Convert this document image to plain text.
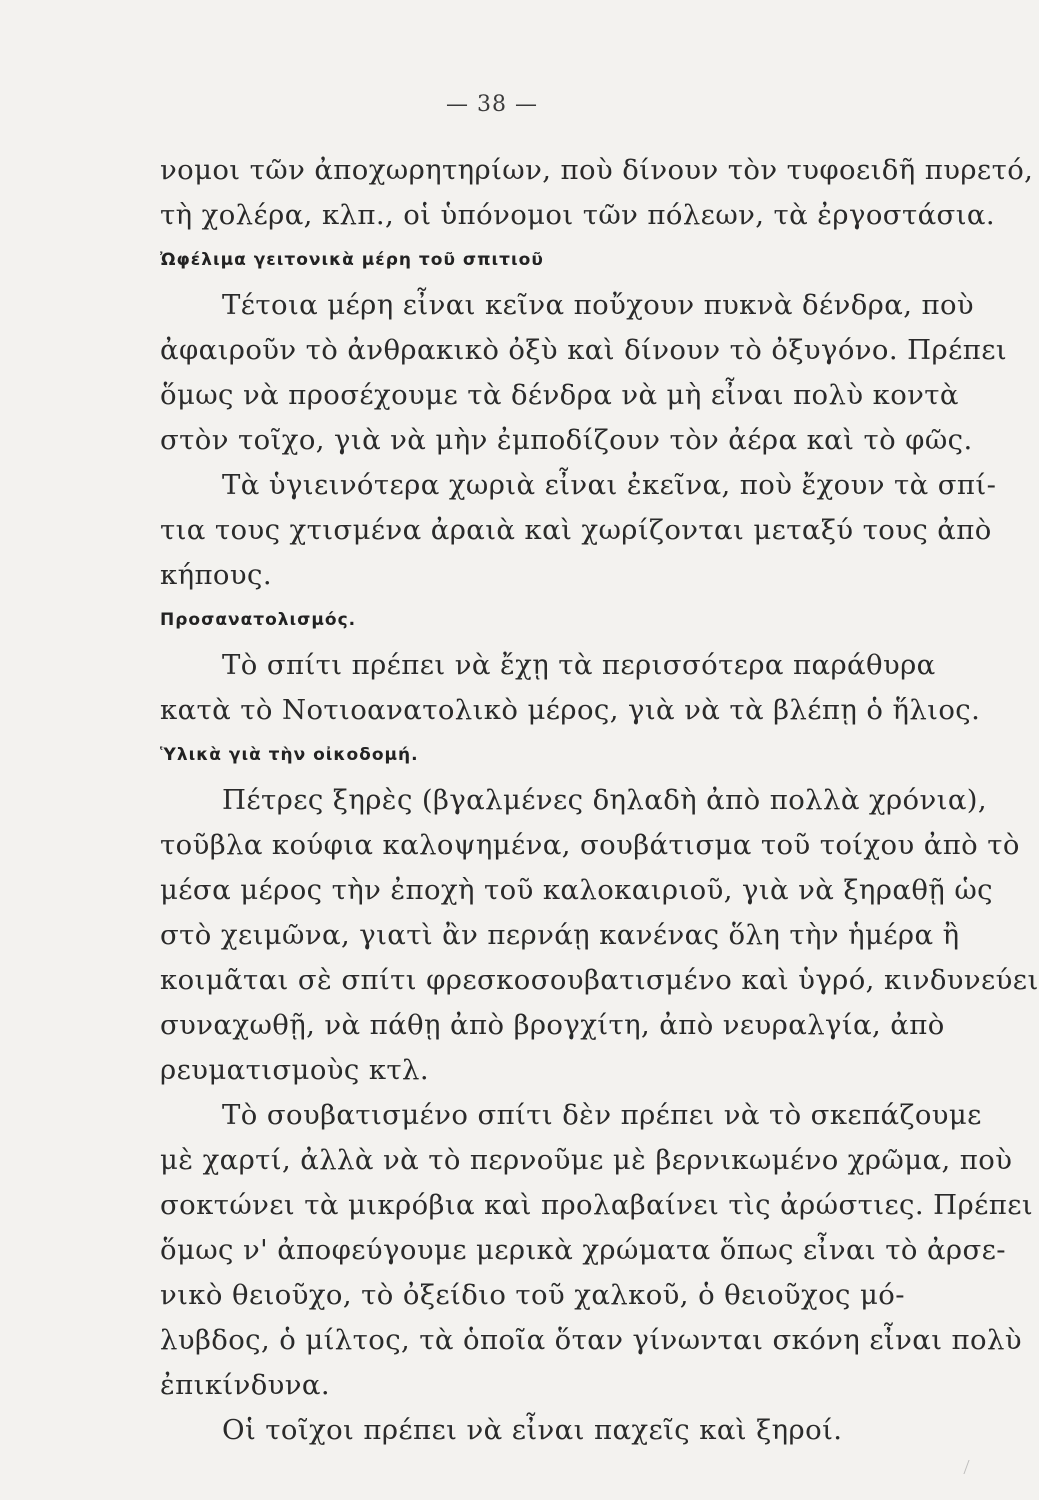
— 38 —
νομοι τῶν ἀποχωρητηρίων, ποὺ δίνουν τὸν τυφοειδῆ πυρετό,
τὴ χολέρα, κλπ., οἱ ὑπόνομοι τῶν πόλεων, τὰ ἐργοστάσια.
Ὠφέλιμα γειτονικὰ μέρη τοῦ σπιτιοῦ
Τέτοια μέρη εἶναι κεῖνα ποὔχουν πυκνὰ δένδρα, ποὺ
ἀφαιροῦν τὸ ἀνθρακικὸ ὀξὺ καὶ δίνουν τὸ ὀξυγόνο. Πρέπει
ὅμως νὰ προσέχουμε τὰ δένδρα νὰ μὴ εἶναι πολὺ κοντὰ
στὸν τοῖχο, γιὰ νὰ μὴν ἐμποδίζουν τὸν ἀέρα καὶ τὸ φῶς.
Τὰ ὑγιεινότερα χωριὰ εἶναι ἐκεῖνα, ποὺ ἔχουν τὰ σπί-
τια τους χτισμένα ἀραιὰ καὶ χωρίζονται μεταξύ τους ἀπὸ
κήπους.
Προσανατολισμός.
Τὸ σπίτι πρέπει νὰ ἔχῃ τὰ περισσότερα παράθυρα
κατὰ τὸ Νοτιοανατολικὸ μέρος, γιὰ νὰ τὰ βλέπῃ ὁ ἥλιος.
Ὑλικὰ γιὰ τὴν οἰκοδομή.
Πέτρες ξηρὲς (βγαλμένες δηλαδὴ ἀπὸ πολλὰ χρόνια),
τοῦβλα κούφια καλοψημένα, σουβάτισμα τοῦ τοίχου ἀπὸ τὸ
μέσα μέρος τὴν ἐποχὴ τοῦ καλοκαιριοῦ, γιὰ νὰ ξηραθῇ ὡς
στὸ χειμῶνα, γιατὶ ἂν περνάῃ κανένας ὅλη τὴν ἡμέρα ἢ
κοιμᾶται σὲ σπίτι φρεσκοσουβατισμένο καὶ ὑγρό, κινδυνεύει
συναχωθῇ, νὰ πάθῃ ἀπὸ βρογχίτη, ἀπὸ νευραλγία, ἀπὸ
ρευματισμοὺς κτλ.
Τὸ σουβατισμένο σπίτι δὲν πρέπει νὰ τὸ σκεπάζουμε
μὲ χαρτί, ἀλλὰ νὰ τὸ περνοῦμε μὲ βερνικωμένο χρῶμα, ποὺ
σοκτώνει τὰ μικρόβια καὶ προλαβαίνει τὶς ἀρώστιες. Πρέπει
ὅμως ν' ἀποφεύγουμε μερικὰ χρώματα ὅπως εἶναι τὸ ἀρσε-
νικὸ θειοῦχο, τὸ ὀξείδιο τοῦ χαλκοῦ, ὁ θειοῦχος μό-
λυβδος, ὁ μίλτος, τὰ ὁποῖα ὅταν γίνωνται σκόνη εἶναι πολὺ
ἐπικίνδυνα.
Οἱ τοῖχοι πρέπει νὰ εἶναι παχεῖς καὶ ξηροί.
